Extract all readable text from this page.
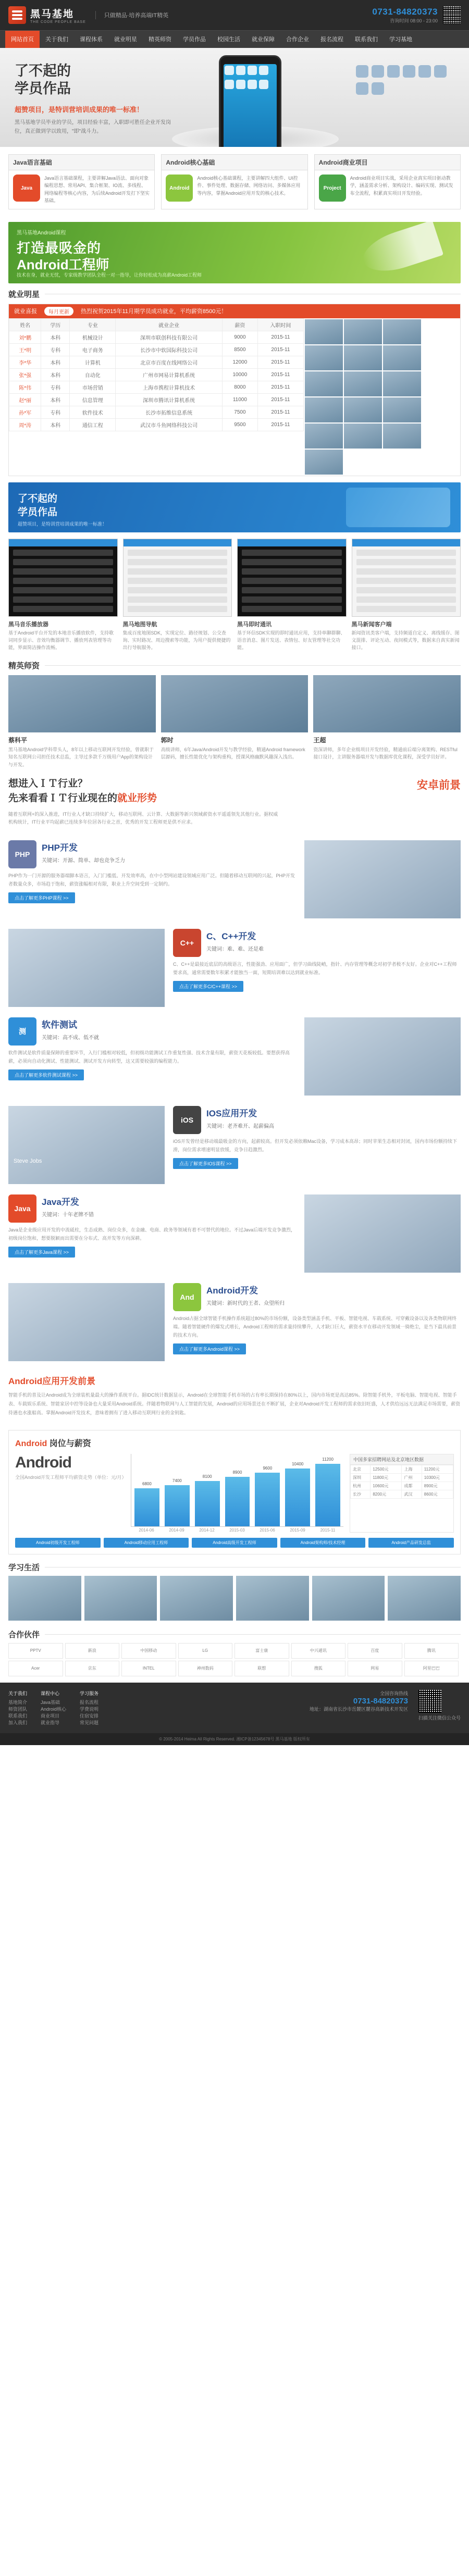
黑马基地
THE CODE PEOPLE BASE
只做精品·培养高端IT精英	0731-84820373
咨询时间 08:00 - 23:00
网站首页	关于我们	课程体系	就业明星	精英师资	学员作品	校园生活	就业保障	合作企业	报名流程	联系我们	学习基地
了不起的
学员作品
超赞项目，是特训营培训成果的唯一标准！
黑马基地学员毕业的学员，项目经验丰富，入职即可胜任企业开发岗位，真正做到学以致用，"即"战斗力。

Java语言基础
Java
Java语言基础课程，主要讲解Java语法、面向对象编程思想、常用API、集合框架、IO流、多线程、网络编程等核心内容，为后续Android开发打下坚实基础。
Android核心基础
Android
Android核心基础课程，主要讲解四大组件、UI控件、事件处理、数据存储、网络访问、多媒体应用等内容，掌握Android应用开发的核心技术。
Android商业项目
Project
Android商业项目实战，采用企业真实项目驱动教学，涵盖需求分析、架构设计、编码实现、测试发布全流程，积累真实项目开发经验。
黑马基地Android课程
打造最吸金的
Android工程师
技术在身，就业无忧，专家级教学团队全程一对一指导，让你轻松成为高薪Android工程师
就业明星
就业喜报	每月更新	热烈祝贺2015年11月期学员成功就业，平均薪资8500元！
姓名	学历	专业	就业企业	薪资	入职时间
刘*鹏	本科	机械设计	深圳市联创科技有限公司	9000	2015-11
王*明	专科	电子商务	长沙市中软国际科技公司	8500	2015-11
李*华	本科	计算机	北京市百度在线网络公司	12000	2015-11
张*强	本科	自动化	广州市网易计算机系统	10000	2015-11
陈*伟	专科	市场营销	上海市携程计算机技术	8000	2015-11
赵*丽	本科	信息管理	深圳市腾讯计算机系统	11000	2015-11
孙*军	专科	软件技术	长沙市拓维信息系统	7500	2015-11
周*涛	本科	通信工程	武汉市斗鱼网络科技公司	9500	2015-11
了不起的
学员作品
超赞项目，是特训营培训成果的唯一标准！
黑马音乐播放器
基于Android平台开发的本地音乐播放软件，支持歌词同步显示、音效均衡器调节、播放列表管理等功能，界面简洁操作流畅。
黑马地图导航
集成百度地图SDK，实现定位、路径规划、公交查询、实时路况、周边搜索等功能，为用户提供便捷的出行导航服务。
黑马即时通讯
基于环信SDK实现的即时通讯应用，支持单聊群聊、语音消息、图片发送、表情包、好友管理等社交功能。
黑马新闻客户端
新闻资讯类客户端，支持频道自定义、离线缓存、图文混排、评论互动、夜间模式等，数据来自真实新闻接口。
精英师资
蔡科平
黑马基地Android学科带头人，8年以上移动互联网开发经验，曾就职于知名互联网公司担任技术总监，主导过多款千万级用户App的架构设计与开发。
郭时
高级讲师，6年Java/Android开发与教学经验，精通Android framework层源码，擅长性能优化与架构重构，授课风格幽默风趣深入浅出。
王超
资深讲师，多年企业级项目开发经验，精通前后端分离架构、RESTful接口设计，主讲服务器端开发与数据库优化课程，深受学员好评。
想进入ＩＴ行业？
先来看看ＩＴ行业现在的就业形势
随着互联网+的深入推进，IT行业人才缺口持续扩大，移动互联网、云计算、大数据等新兴领域薪资水平遥遥领先其他行业。据权威机构统计，IT行业平均起薪已连续多年位居各行业之首，优秀的开发工程师更是供不应求。
安卓前景
PHP
PHP开发
关键词：开源、简单、却也竞争乏力
PHP作为一门开源的服务器端脚本语言，入门门槛低、开发效率高，在中小型网站建设领域应用广泛。但随着移动互联网的兴起，PHP开发者数量众多，市场趋于饱和，薪资涨幅相对有限，职业上升空间受到一定制约。
点击了解更多PHP课程 >>
C++
C、C++开发
关键词：难、难、还是难
C、C++是最接近底层的高级语言，性能强劲、应用面广，但学习曲线陡峭，指针、内存管理等概念对初学者极不友好。企业对C++工程师要求高，通常需要数年积累才能独当一面，短期培训难以达到就业标准。
点击了解更多C/C++课程 >>
测
软件测试
关键词：高不成、低不就
软件测试是软件质量保障的重要环节，入行门槛相对较低，但初级功能测试工作重复性强、技术含量有限，薪资天花板较低。要想获得高薪，必须向自动化测试、性能测试、测试开发方向转型，这又需要较强的编程能力。
点击了解更多软件测试课程 >>
iOS
IOS应用开发
关键词：老齐难开、起薪偏高
iOS开发曾经是移动端最吸金的方向，起薪较高。但开发必须依赖Mac设备，学习成本高昂；同时苹果生态相对封闭，国内市场份额持续下滑，岗位需求增速明显放缓，竞争日趋激烈。
点击了解更多IOS课程 >>
Steve Jobs
Java
Java开发
关键词：十年老牌不错
Java是企业级应用开发的中流砥柱，生态成熟、岗位众多，在金融、电商、政务等领域有着不可替代的地位。不过Java后端开发竞争激烈，初级岗位饱和，想要脱颖而出需要在分布式、高并发等方向深耕。
点击了解更多Java课程 >>
And
Android开发
关键词：新时代的王者、众望所归
Android占据全球智能手机操作系统超过80%的市场份额，设备类型涵盖手机、平板、智能电视、车载系统、可穿戴设备以及各类物联网终端。随着智能硬件的爆发式增长，Android工程师的需求量持续攀升，人才缺口巨大，薪资水平在移动开发领域一骑绝尘，是当下最具前景的技术方向。
点击了解更多Android课程 >>
Android应用开发前景

智能手机的普及让Android成为全球装机量最大的操作系统平台。据IDC统计数据显示，Android在全球智能手机市场的占有率长期保持在80%以上，国内市场更是高达85%。除智能手机外，平板电脑、智能电视、智能手表、车载娱乐系统、智能家居中控等设备也大量采用Android系统。伴随着物联网与人工智能的发展，Android的应用场景还在不断扩展，企业对Android开发工程师的需求依旧旺盛，人才供给远远无法满足市场需要，薪资待遇也水涨船高。掌握Android开发技术，意味着拥有了进入移动互联网行业的金钥匙。

Android 岗位与薪资
Android
全国Android开发工程师平均薪资走势（单位：元/月）
6800
7400
8100
8900
9600
10400
11200
2014-06	2014-09	2014-12	2015-03	2015-06	2015-09	2015-11
中国多家招聘网站及北京地区数据
北京	12500元	上海	11200元
深圳	11800元	广州	10300元
杭州	10600元	成都	8900元
长沙	8200元	武汉	8600元
Android初级开发工程师	Android移动应用工程师	Android高级开发工程师	Android架构师/技术经理	Android产品研发总监
学习生活
合作伙伴
PPTV	新浪	中国移动	LG	富士康	中兴通讯	百度	腾讯
Acer	京东	INTEL	神州数码	联想	搜狐	网易	阿里巴巴
关于我们
基地简介
师资团队
联系我们
加入我们
课程中心
Java基础
Android核心
商业项目
就业指导
学习服务
报名流程
学费说明
住宿安排
常见问题
全国咨询热线
0731-84820373
地址：湖南省长沙市岳麓区麓谷高新技术开发区
扫描关注微信公众号
© 2005-2014 Heima All Rights Reserved. 湘ICP备12345678号 黑马基地 版权所有
